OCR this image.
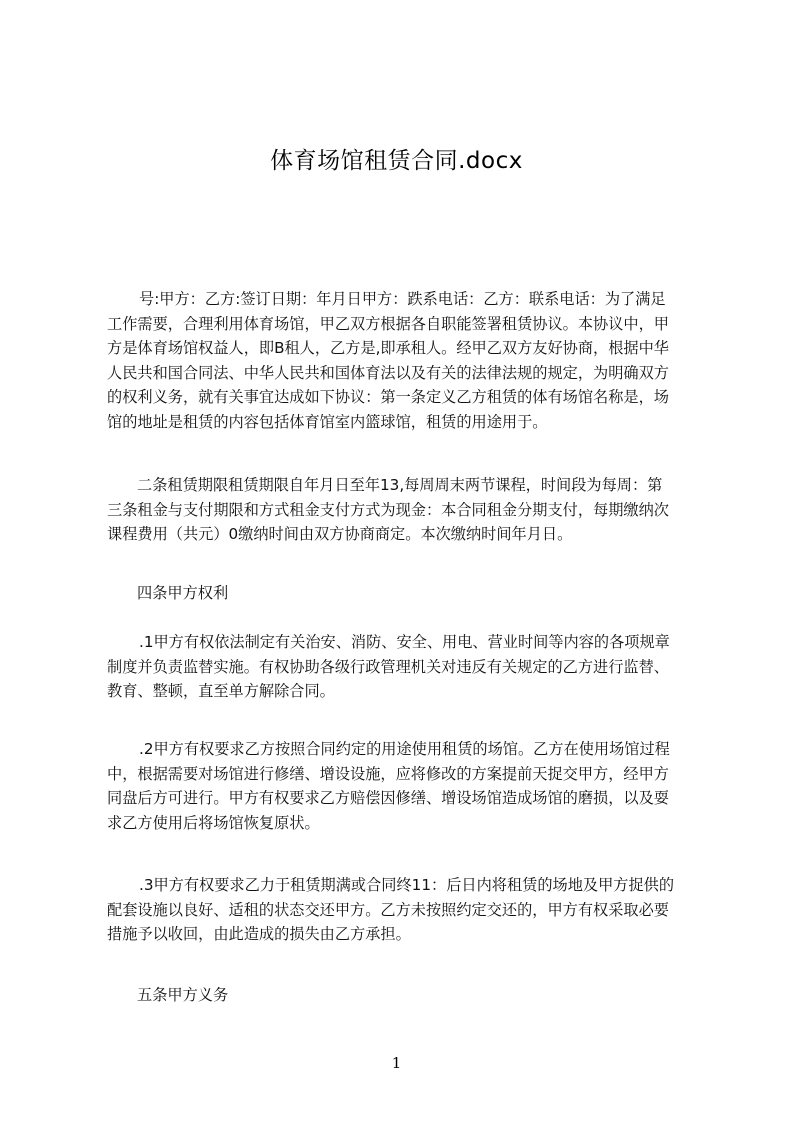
体育场馆租赁合同.docx
号:甲方：乙方:签订日期：年月日甲方：跌系电话：乙方：联系电话：为了满足
工作需要，合理利用体育场馆，甲乙双方根据各自职能签署租赁协议。本协议中，甲
方是体育场馆权益人，即B租人，乙方是,即承租人。经甲乙双方友好协商，根据中华
人民共和国合同法、中华人民共和国体育法以及有关的法律法规的规定，为明确双方
的权利义务，就有关事宜达成如下协议：第一条定义乙方租赁的体有场馆名称是，场
馆的地址是租赁的内容包括体育馆室内篮球馆，租赁的用途用于。
二条租赁期限租赁期限自年月日至年13,每周周末两节课程，时间段为每周：第
三条租金与支付期限和方式租金支付方式为现金：本合同租金分期支付，每期缴纳次
课程费用（共元）0缴纳时间由双方协商商定。本次缴纳时间年月日。
四条甲方权利
.1甲方有权依法制定有关治安、消防、安全、用电、营业时间等内容的各项规章
制度并负责监替实施。有权协助各级行政管理机关对违反有关规定的乙方进行监替、
教育、整顿，直至单方解除合同。
.2甲方有权要求乙方按照合同约定的用途使用租赁的场馆。乙方在使用场馆过程
中，根据需要对场馆进行修缮、增设设施，应将修改的方案提前天捉交甲方，经甲方
同盘后方可进行。甲方有权要求乙方赔偿因修缮、增设场馆造成场馆的磨损，以及耍
求乙方使用后将场馆恢复原状。
.3甲方有权要求乙力于租赁期满或合同终11：后日内将租赁的场地及甲方捉供的
配套设施以良好、适租的状态交还甲方。乙方未按照约定交还的，甲方有权采取必要
措施予以收回，由此造成的损失由乙方承担。
五条甲方义务
1
